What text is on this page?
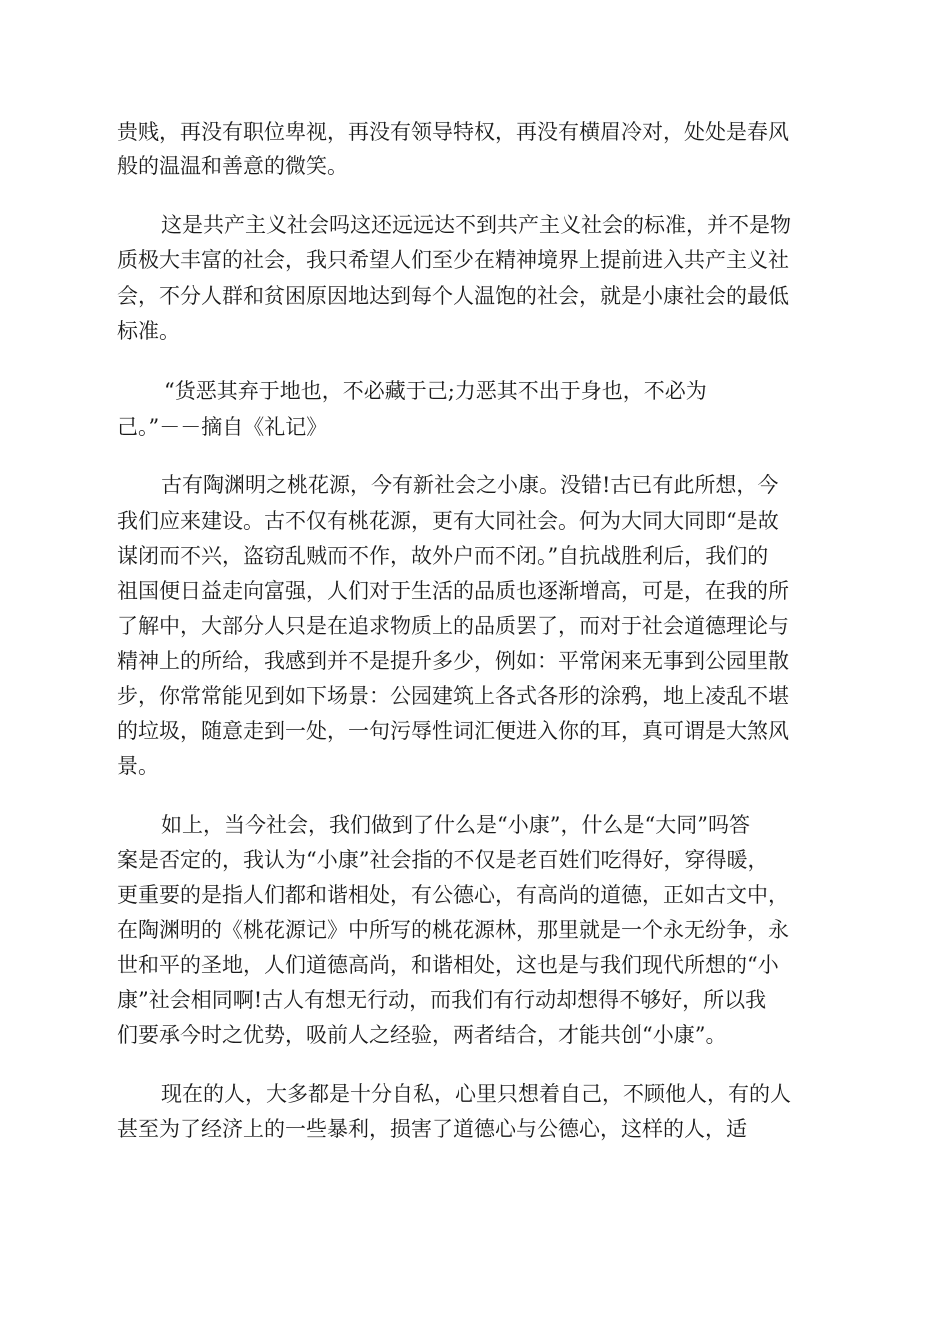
贵贱，再没有职位卑视，再没有领导特权，再没有横眉冷对，处处是春风

般的温温和善意的微笑。

这是共产主义社会吗这还远远达不到共产主义社会的标准，并不是物

质极大丰富的社会，我只希望人们至少在精神境界上提前进入共产主义社

会，不分人群和贫困原因地达到每个人温饱的社会，就是小康社会的最低

标准。

“货恶其弃于地也，不必藏于己;力恶其不出于身也，不必为

己。”－－摘自《礼记》

古有陶渊明之桃花源，今有新社会之小康。没错!古已有此所想，今

我们应来建设。古不仅有桃花源，更有大同社会。何为大同大同即“是故

谋闭而不兴，盗窃乱贼而不作，故外户而不闭。”自抗战胜利后，我们的

祖国便日益走向富强，人们对于生活的品质也逐渐增高，可是，在我的所

了解中，大部分人只是在追求物质上的品质罢了，而对于社会道德理论与

精神上的所给，我感到并不是提升多少，例如：平常闲来无事到公园里散

步，你常常能见到如下场景：公园建筑上各式各形的涂鸦，地上凌乱不堪

的垃圾，随意走到一处，一句污辱性词汇便进入你的耳，真可谓是大煞风

景。

如上，当今社会，我们做到了什么是“小康”，什么是“大同”吗答

案是否定的，我认为“小康”社会指的不仅是老百姓们吃得好，穿得暖，

更重要的是指人们都和谐相处，有公德心，有高尚的道德，正如古文中，

在陶渊明的《桃花源记》中所写的桃花源林，那里就是一个永无纷争，永

世和平的圣地，人们道德高尚，和谐相处，这也是与我们现代所想的“小

康”社会相同啊!古人有想无行动，而我们有行动却想得不够好，所以我

们要承今时之优势，吸前人之经验，两者结合，才能共创“小康”。

现在的人，大多都是十分自私，心里只想着自己，不顾他人，有的人

甚至为了经济上的一些暴利，损害了道德心与公德心，这样的人，适
